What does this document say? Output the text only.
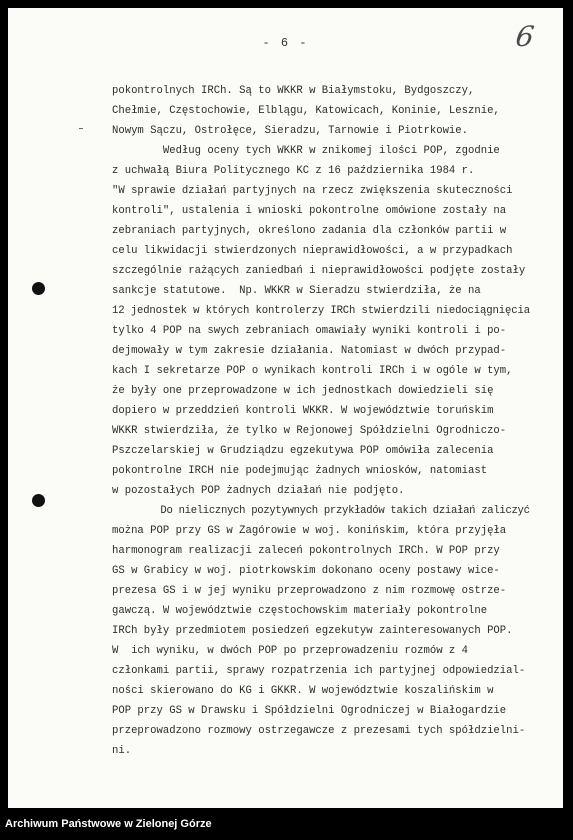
- 6 -	6
pokontrolnych IRCh. Są to WKKR w Białymstoku, Bydgoszczy,
Chełmie, Częstochowie, Elblągu, Katowicach, Koninie, Lesznie,
Nowym Sączu, Ostrołęce, Sieradzu, Tarnowie i Piotrkowie.
Według oceny tych WKKR w znikomej ilości POP, zgodnie
z uchwałą Biura Politycznego KC z 16 października 1984 r.
"W sprawie działań partyjnych na rzecz zwiększenia skuteczności
kontroli", ustalenia i wnioski pokontrolne omówione zostały na
zebraniach partyjnych, określono zadania dla członków partii w
celu likwidacji stwierdzonych nieprawidłowości, a w przypadkach
szczególnie rażących zaniedbań i nieprawidłowości podjęte zostały
sankcje statutowe.  Np. WKKR w Sieradzu stwierdziła, że na
12 jednostek w których kontrolerzy IRCh stwierdzili niedociągnięcia
tylko 4 POP na swych zebraniach omawiały wyniki kontroli i po-
dejmowały w tym zakresie działania. Natomiast w dwóch przypad-
kach I sekretarze POP o wynikach kontroli IRCh i w ogóle w tym,
że były one przeprowadzone w ich jednostkach dowiedzieli się
dopiero w przeddzień kontroli WKKR. W województwie toruńskim
WKKR stwierdziła, że tylko w Rejonowej Spółdzielni Ogrodniczo-
Pszczelarskiej w Grudziądzu egzekutywa POP omówiła zalecenia
pokontrolne IRCH nie podejmując żadnych wniosków, natomiast
w pozostałych POP żadnych działań nie podjęto.
Do nielicznych pozytywnych przykładów takich działań zaliczyć
można POP przy GS w Zagórowie w woj. konińskim, która przyjęła
harmonogram realizacji zaleceń pokontrolnych IRCh. W POP przy
GS w Grabicy w woj. piotrkowskim dokonano oceny postawy wice-
prezesa GS i w jej wyniku przeprowadzono z nim rozmowę ostrze-
gawczą. W województwie częstochowskim materiały pokontrolne
IRCh były przedmiotem posiedzeń egzekutyw zainteresowanych POP.
W  ich wyniku, w dwóch POP po przeprowadzeniu rozmów z 4
członkami partii, sprawy rozpatrzenia ich partyjnej odpowiedzial-
ności skierowano do KG i GKKR. W województwie koszalińskim w
POP przy GS w Drawsku i Spółdzielni Ogrodniczej w Białogardzie
przeprowadzono rozmowy ostrzegawcze z prezesami tych spółdzielni-
ni.
Archiwum Państwowe w Zielonej Górze
